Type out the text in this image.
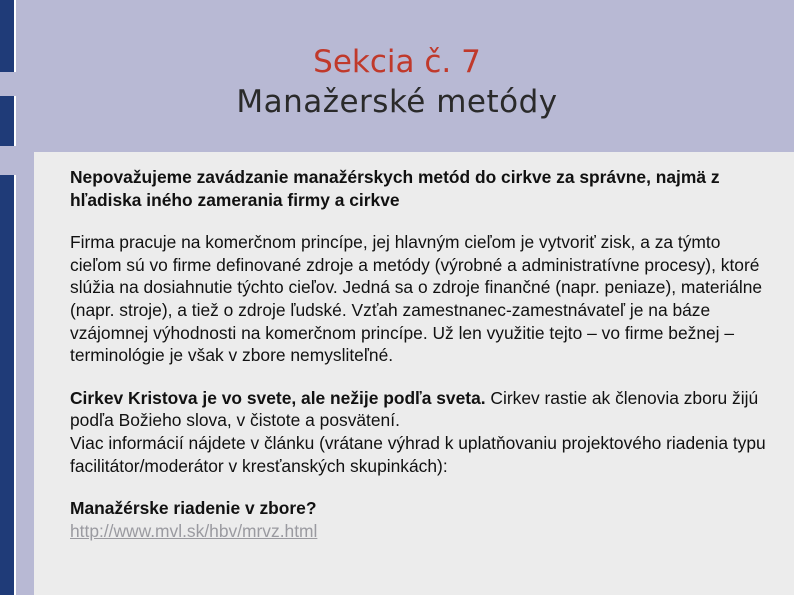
Sekcia č. 7
Manažerské metódy

Nepovažujeme zavádzanie manažérskych metód do cirkve za správne, najmä z hľadiska iného zamerania firmy a cirkve

Firma pracuje na komerčnom princípe, jej hlavným cieľom je vytvoriť zisk, a za týmto cieľom sú vo firme definované zdroje a metódy (výrobné a administratívne procesy), ktoré slúžia na dosiahnutie týchto cieľov. Jedná sa o zdroje finančné (napr. peniaze), materiálne (napr. stroje), a tiež o zdroje ľudské. Vzťah zamestnanec-zamestnávateľ je na báze vzájomnej výhodnosti na komerčnom princípe. Už len využitie tejto – vo firme bežnej – terminológie je však v zbore nemysliteľné.

Cirkev Kristova je vo svete, ale nežije podľa sveta. Cirkev rastie ak členovia zboru žijú podľa Božieho slova, v čistote a posvätení.

Viac informácií nájdete v článku (vrátane výhrad k uplatňovaniu projektového riadenia typu facilitátor/moderátor v kresťanských skupinkách):

Manažérske riadenie v zbore?

http://www.mvl.sk/hbv/mrvz.html
